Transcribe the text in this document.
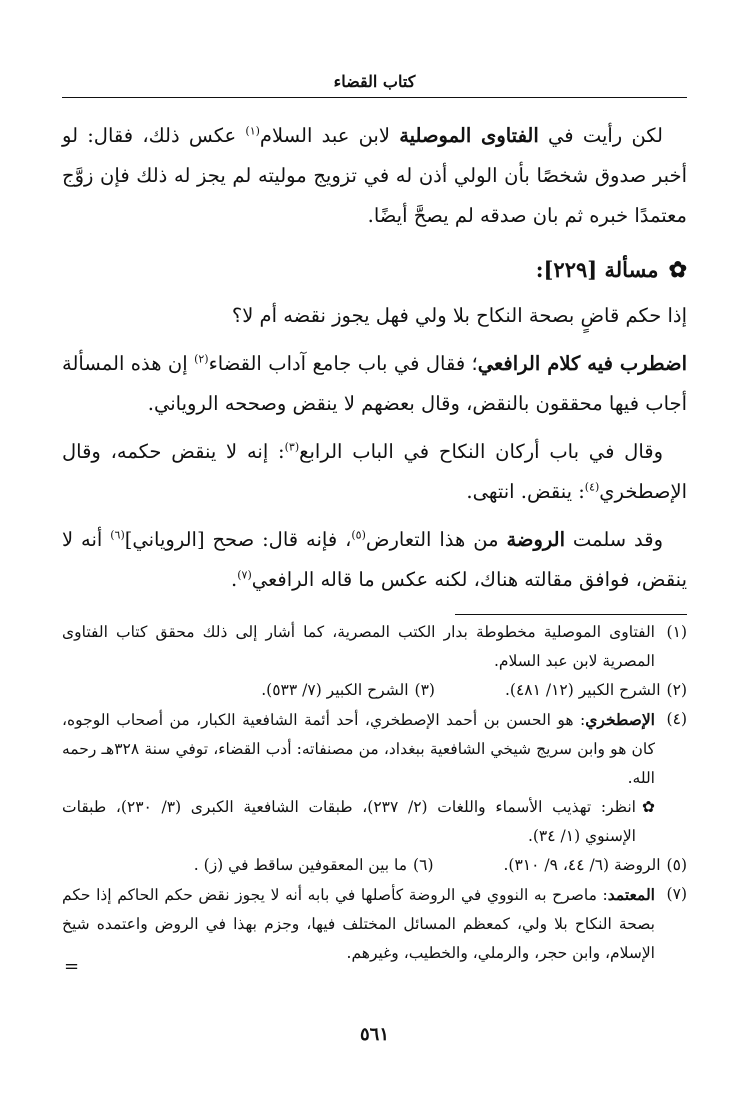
كتاب القضاء

لكن رأيت في الفتاوى الموصلية لابن عبد السلام$^{(١)}$ عكس ذلك، فقال: لو أخبر صدوق شخصًا بأن الولي أذن له في تزويج موليته لم يجز له ذلك فإن زوَّج معتمدًا خبره ثم بان صدقه لم يصحَّ أيضًا.

✿
مسألة [٢٢٩]:

إذا حكم قاضٍ بصحة النكاح بلا ولي فهل يجوز نقضه أم لا؟

اضطرب فيه كلام الرافعي؛ فقال في باب جامع آداب القضاء$^{(٢)}$ إن هذه المسألة أجاب فيها محققون بالنقض، وقال بعضهم لا ينقض وصححه الروياني.

وقال في باب أركان النكاح في الباب الرابع$^{(٣)}$: إنه لا ينقض حكمه، وقال الإصطخري$^{(٤)}$: ينقض. انتهى.

وقد سلمت الروضة من هذا التعارض$^{(٥)}$، فإنه قال: صحح [الروياني]$^{(٦)}$ أنه لا ينقض، فوافق مقالته هناك، لكنه عكس ما قاله الرافعي$^{(٧)}$.

(١)
الفتاوى الموصلية مخطوطة بدار الكتب المصرية، كما أشار إلى ذلك محقق كتاب الفتاوى المصرية لابن عبد السلام.
(٢)
الشرح الكبير (١٢/ ٤٨١).
(٣)
الشرح الكبير (٧/ ٥٣٣).
(٤)
الإصطخري: هو الحسن بن أحمد الإصطخري، أحد أئمة الشافعية الكبار، من أصحاب الوجوه، كان هو وابن سريج شيخي الشافعية ببغداد، من مصنفاته: أدب القضاء، توفي سنة ٣٢٨هـ رحمه الله.
✿
انظر: تهذيب الأسماء واللغات (٢/ ٢٣٧)، طبقات الشافعية الكبرى (٣/ ٢٣٠)، طبقات الإسنوي (١/ ٣٤).
(٥)
الروضة (٦/ ٤٤، ٩/ ٣١٠).
(٦)
ما بين المعقوفين ساقط في (ز) .
(٧)
المعتمد: ماصرح به النووي في الروضة كأصلها في بابه أنه لا يجوز نقض حكم الحاكم إذا حكم بصحة النكاح بلا ولي، كمعظم المسائل المختلف فيها، وجزم بهذا في الروض واعتمده شيخ الإسلام، وابن حجر، والرملي، والخطيب، وغيرهم.
=
٥٦١
